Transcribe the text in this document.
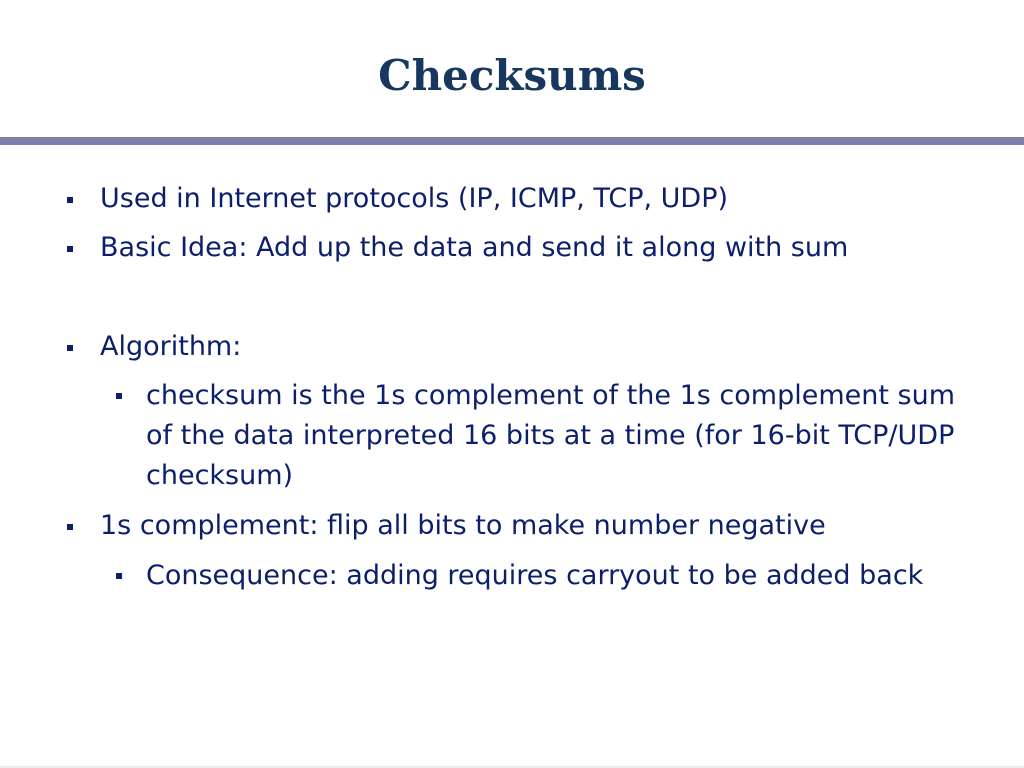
Checksums
Used in Internet protocols (IP, ICMP, TCP, UDP)
Basic Idea: Add up the data and send it along with sum
Algorithm:
checksum is the 1s complement of the 1s complement sum of the data interpreted 16 bits at a time (for 16-bit TCP/UDP checksum)
1s complement: flip all bits to make number negative
Consequence: adding requires carryout to be added back
